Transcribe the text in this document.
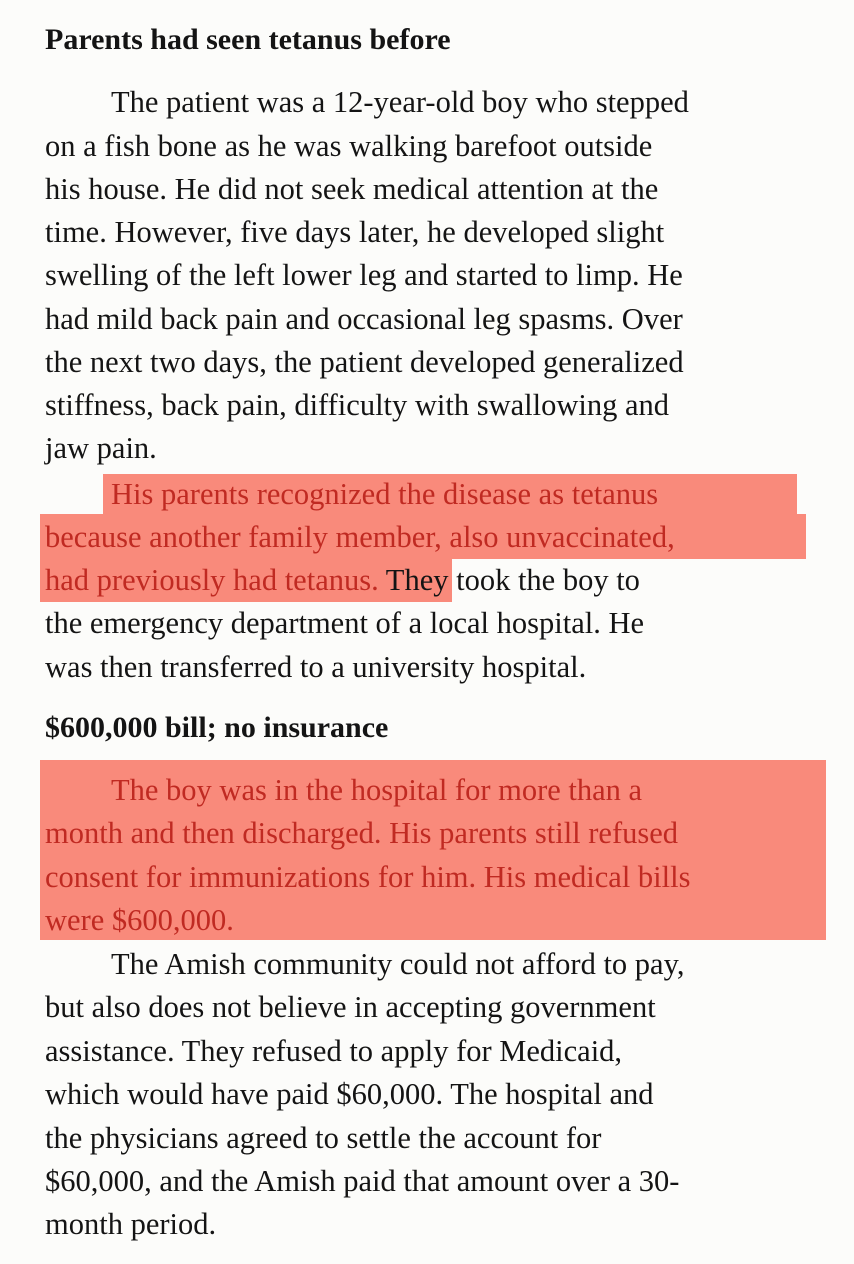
Parents had seen tetanus before
The patient was a 12-year-old boy who stepped
on a fish bone as he was walking barefoot outside
his house. He did not seek medical attention at the
time. However, five days later, he developed slight
swelling of the left lower leg and started to limp. He
had mild back pain and occasional leg spasms. Over
the next two days, the patient developed generalized
stiffness, back pain, difficulty with swallowing and
jaw pain.
His parents recognized the disease as tetanus
because another family member, also unvaccinated,
had previously had tetanus. They took the boy to
the emergency department of a local hospital. He
was then transferred to a university hospital.
$600,000 bill; no insurance
The boy was in the hospital for more than a
month and then discharged. His parents still refused
consent for immunizations for him. His medical bills
were $600,000.
The Amish community could not afford to pay,
but also does not believe in accepting government
assistance. They refused to apply for Medicaid,
which would have paid $60,000. The hospital and
the physicians agreed to settle the account for
$60,000, and the Amish paid that amount over a 30-
month period.
